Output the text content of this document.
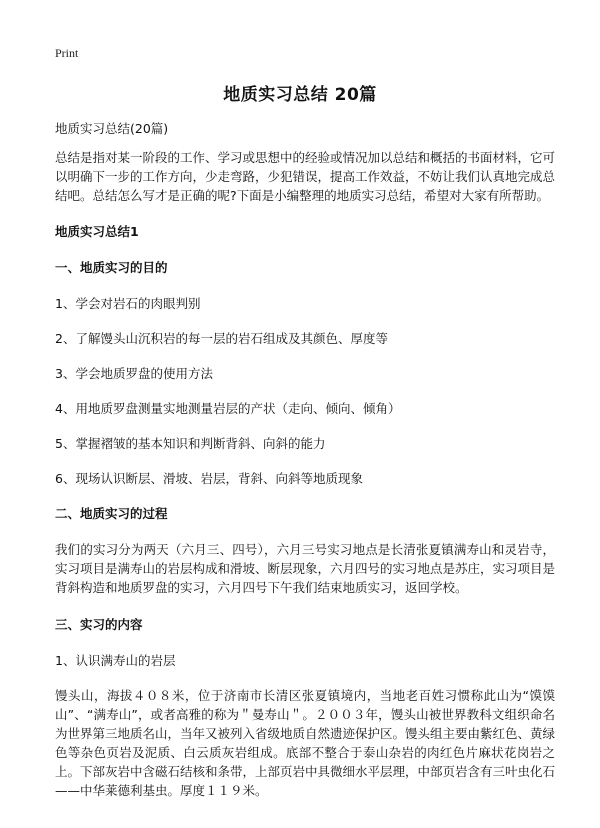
Print
地质实习总结 20篇

地质实习总结(20篇)

总结是指对某一阶段的工作、学习或思想中的经验或情况加以总结和概括的书面材料，它可以明确下一步的工作方向，少走弯路，少犯错误，提高工作效益，不妨让我们认真地完成总结吧。总结怎么写才是正确的呢?下面是小编整理的地质实习总结，希望对大家有所帮助。

地质实习总结1

一、地质实习的目的

1、学会对岩石的肉眼判别

2、了解馒头山沉积岩的每一层的岩石组成及其颜色、厚度等

3、学会地质罗盘的使用方法

4、用地质罗盘测量实地测量岩层的产状（走向、倾向、倾角）

5、掌握褶皱的基本知识和判断背斜、向斜的能力

6、现场认识断层、滑坡、岩层，背斜、向斜等地质现象

二、地质实习的过程

我们的实习分为两天（六月三、四号），六月三号实习地点是长清张夏镇满寿山和灵岩寺，实习项目是满寿山的岩层构成和滑坡、断层现象，六月四号的实习地点是苏庄，实习项目是背斜构造和地质罗盘的实习，六月四号下午我们结束地质实习，返回学校。

三、实习的内容

1、认识满寿山的岩层

馒头山，海拔４０８米，位于济南市长清区张夏镇境内，当地老百姓习惯称此山为“馍馍山”、“满寿山”，或者高雅的称为＂曼寿山＂。２００３年，馒头山被世界教科文组织命名为世界第三地质名山，当年又被列入省级地质自然遗迹保护区。馒头组主要由紫红色、黄绿色等杂色页岩及泥质、白云质灰岩组成。底部不整合于泰山杂岩的肉红色片麻状花岗岩之上。下部灰岩中含磁石结核和条带，上部页岩中具微细水平层理，中部页岩含有三叶虫化石——中华莱德利基虫。厚度１１９米。
